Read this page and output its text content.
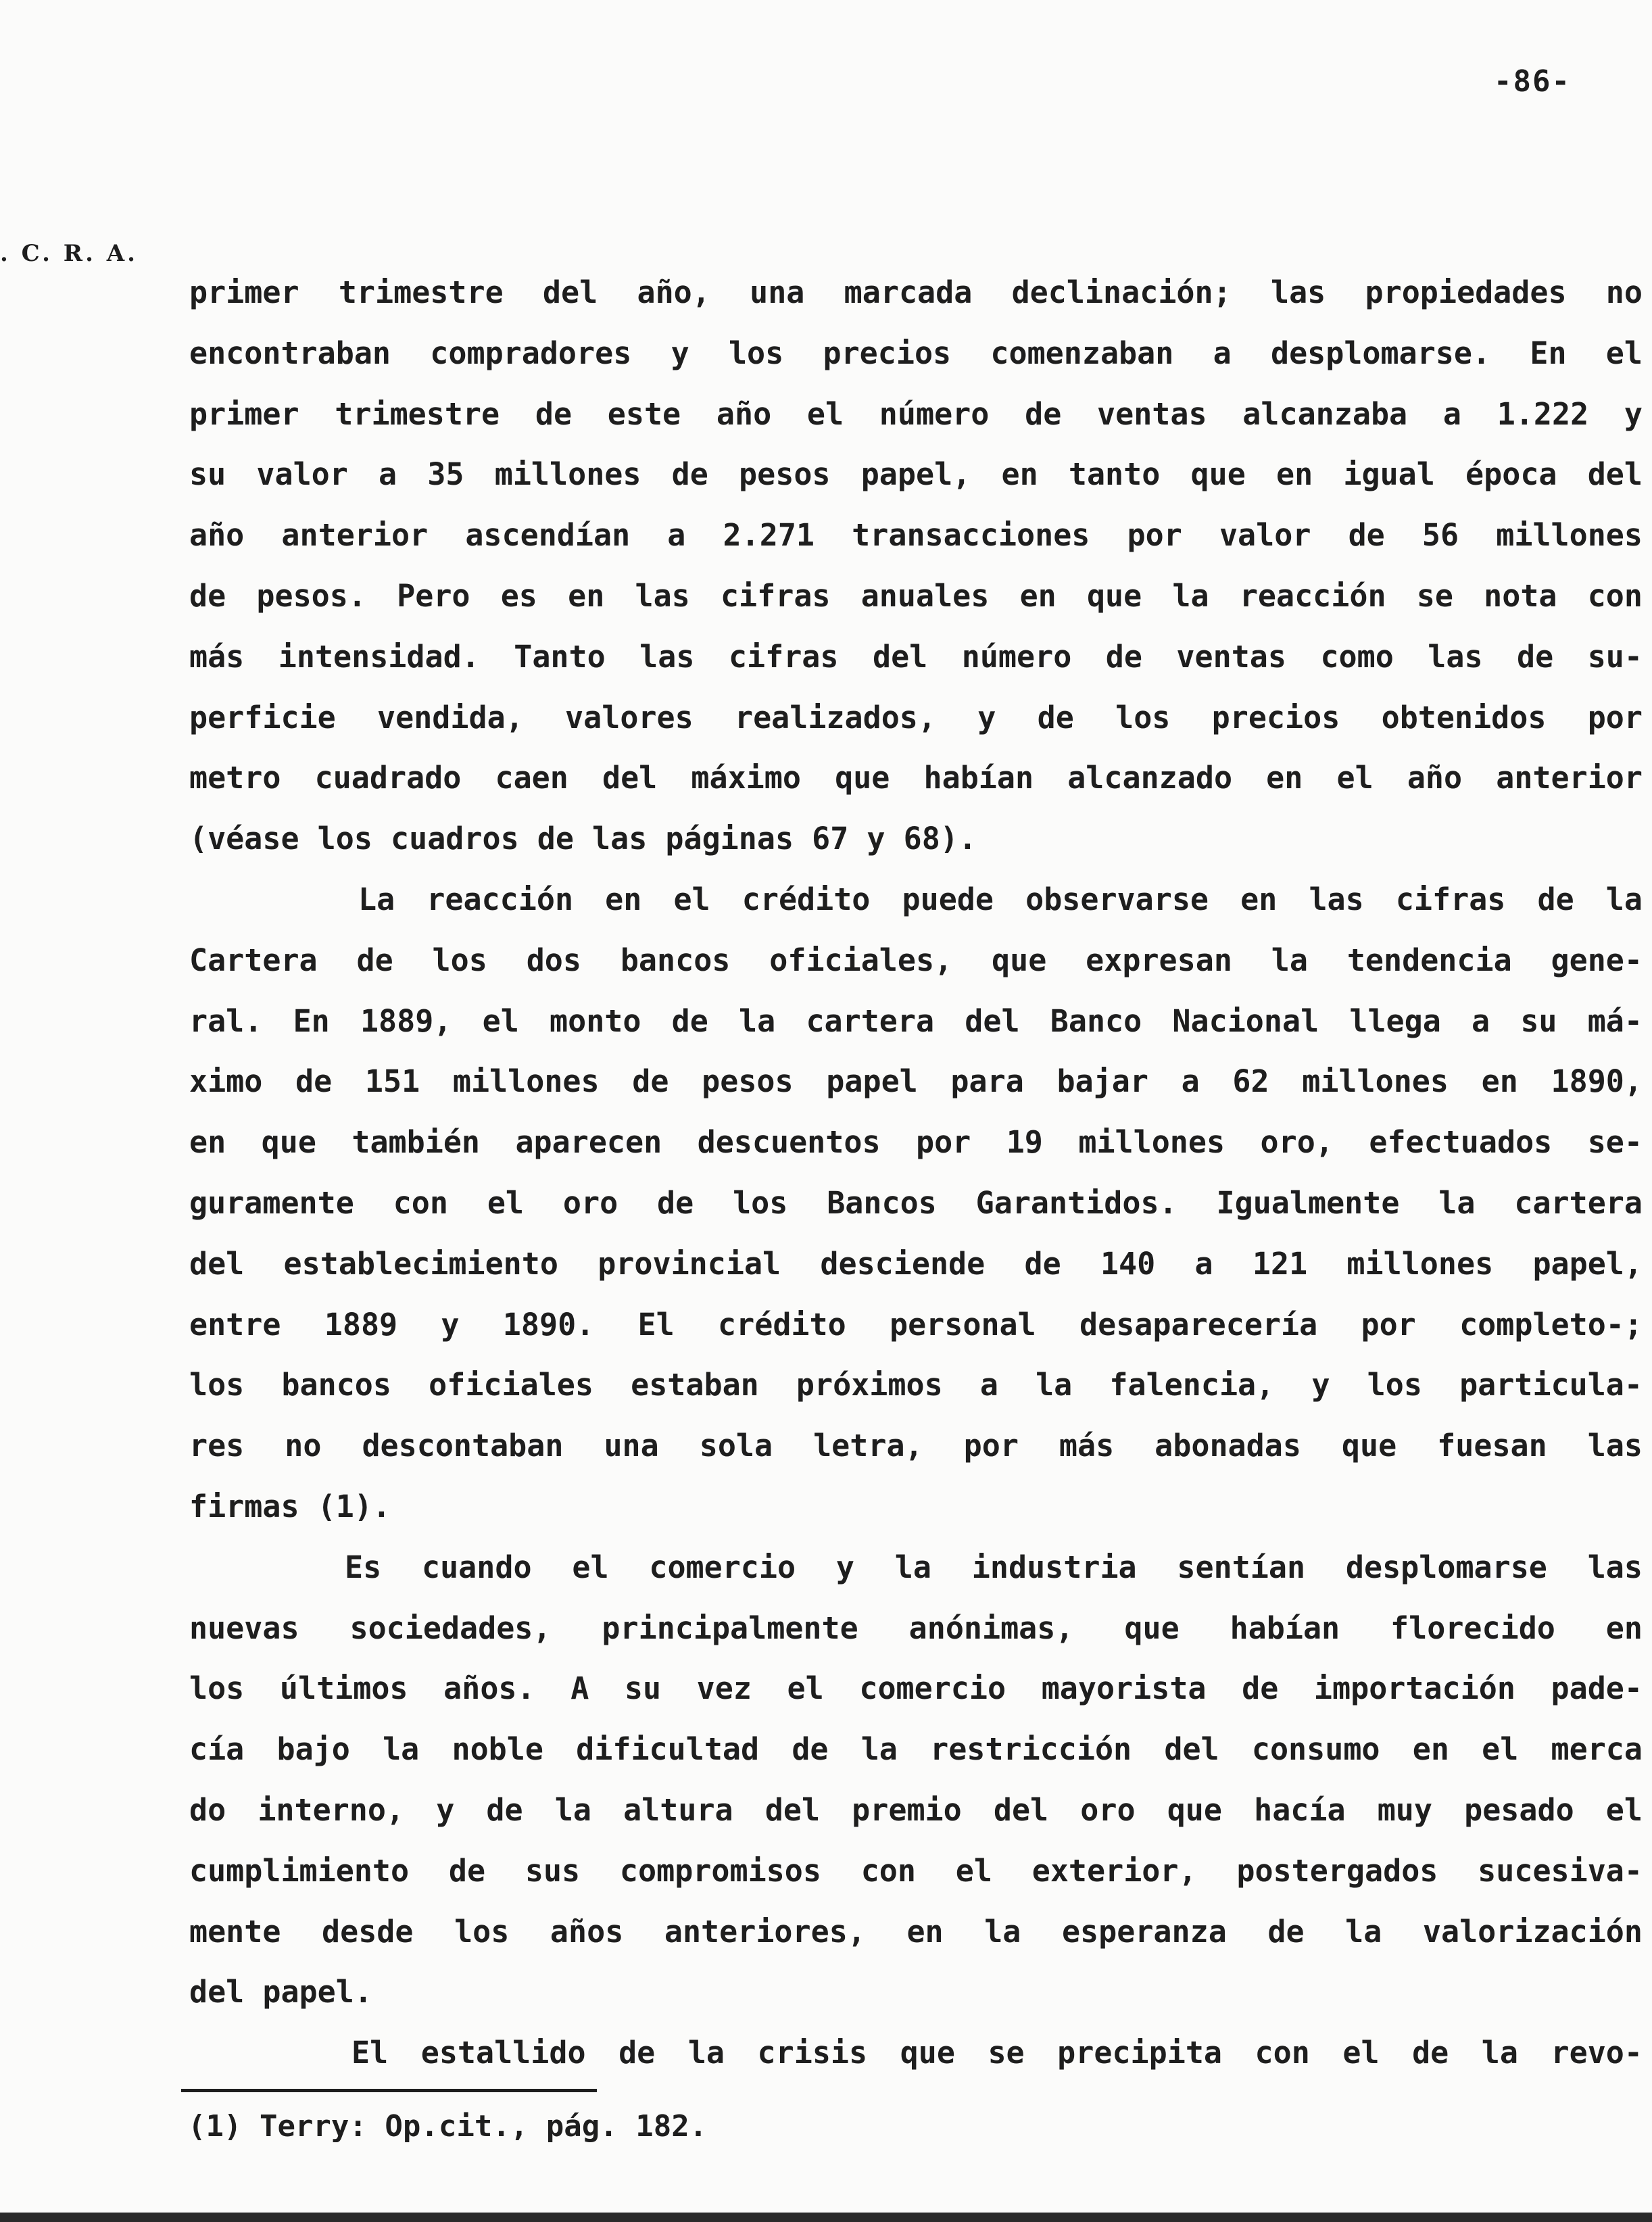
-86-
. C. R. A.
primer trimestre del año, una marcada declinación; las propiedades no
encontraban compradores y los precios comenzaban a desplomarse. En el
primer trimestre de este año el número de ventas alcanzaba a 1.222 y
su valor a 35 millones de pesos papel, en tanto que en igual época del
año anterior ascendían a 2.271 transacciones por valor de 56 millones
de pesos. Pero es en las cifras anuales en que la reacción se nota con
más intensidad. Tanto las cifras del número de ventas como las de su-
perficie vendida, valores realizados, y de los precios obtenidos por
metro cuadrado caen del máximo que habían alcanzado en el año anterior
(véase los cuadros de las páginas 67 y 68).
La reacción en el crédito puede observarse en las cifras de la
Cartera de los dos bancos oficiales, que expresan la tendencia gene-
ral. En 1889, el monto de la cartera del Banco Nacional llega a su má-
ximo de 151 millones de pesos papel para bajar a 62 millones en 1890,
en que también aparecen descuentos por 19 millones oro, efectuados se-
guramente con el oro de los Bancos Garantidos. Igualmente la cartera
del establecimiento provincial desciende de 140 a 121 millones papel,
entre 1889 y 1890. El crédito personal desaparecería por completo-;
los bancos oficiales estaban próximos a la falencia, y los particula-
res no descontaban una sola letra, por más abonadas que fuesan las
firmas (1).
Es cuando el comercio y la industria sentían desplomarse las
nuevas sociedades, principalmente anónimas, que habían florecido en
los últimos años. A su vez el comercio mayorista de importación pade-
cía bajo la noble dificultad de la restricción del consumo en el merca
do interno, y de la altura del premio del oro que hacía muy pesado el
cumplimiento de sus compromisos con el exterior, postergados sucesiva-
mente desde los años anteriores, en la esperanza de la valorización
del papel.
El estallido de la crisis que se precipita con el de la revo-
(1) Terry: Op.cit., pág. 182.
